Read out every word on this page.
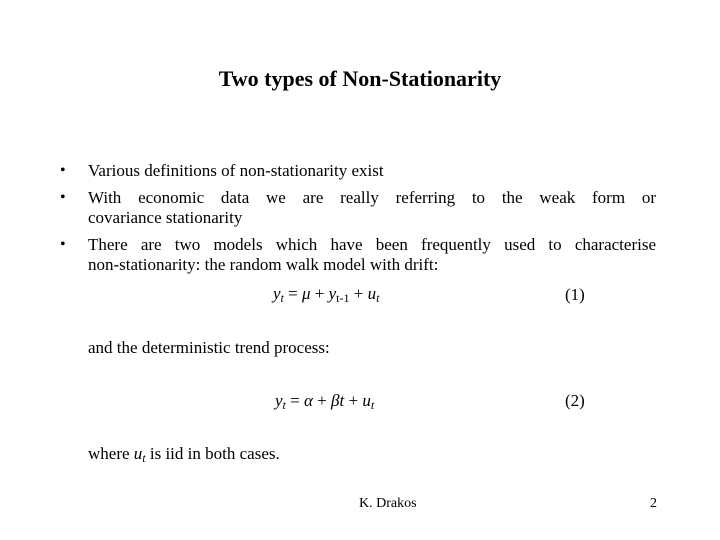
Two types of Non-Stationarity
• Various definitions of non-stationarity exist
• With economic data we are really referring to the weak form or
covariance stationarity
• There are two models which have been frequently used to characterise
non-stationarity: the random walk model with drift:
$y_t = \mu + y_{t-1} + u_t$	(1)
and the deterministic trend process:
$y_t = \alpha + \beta t + u_t$	(2)
where $u_t$ is iid in both cases.
K. Drakos	2
